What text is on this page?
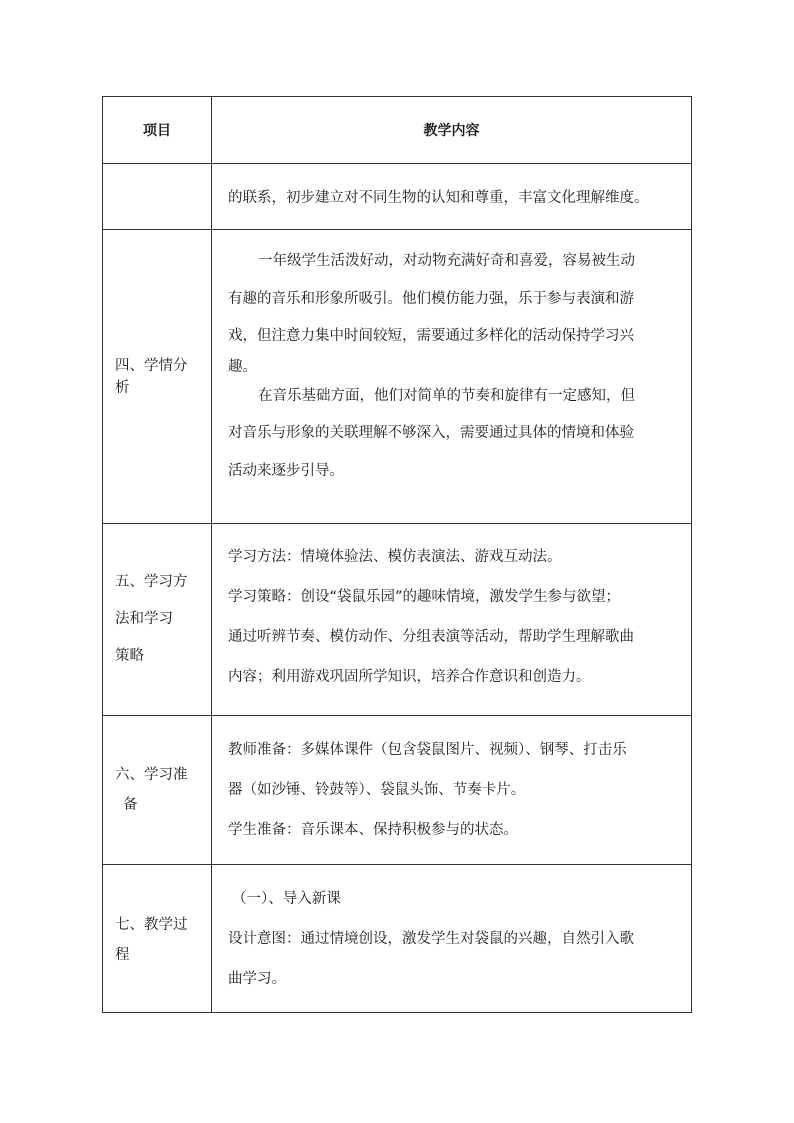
项目	教学内容

的联系，初步建立对不同生物的认知和尊重，丰富文化理解维度。

四、学情分
析

一年级学生活泼好动，对动物充满好奇和喜爱，容易被生动

有趣的音乐和形象所吸引。他们模仿能力强，乐于参与表演和游

戏，但注意力集中时间较短，需要通过多样化的活动保持学习兴

趣。

在音乐基础方面，他们对简单的节奏和旋律有一定感知，但

对音乐与形象的关联理解不够深入，需要通过具体的情境和体验

活动来逐步引导。

五、学习方
法和学习
策略

学习方法：情境体验法、模仿表演法、游戏互动法。

学习策略：创设“袋鼠乐园”的趣味情境，激发学生参与欲望；

通过听辨节奏、模仿动作、分组表演等活动，帮助学生理解歌曲

内容；利用游戏巩固所学知识，培养合作意识和创造力。

六、学习准
备

教师准备：多媒体课件（包含袋鼠图片、视频）、钢琴、打击乐

器（如沙锤、铃鼓等）、袋鼠头饰、节奏卡片。

学生准备：音乐课本、保持积极参与的状态。

七、教学过
程

（一）、导入新课

设计意图：通过情境创设，激发学生对袋鼠的兴趣，自然引入歌

曲学习。
